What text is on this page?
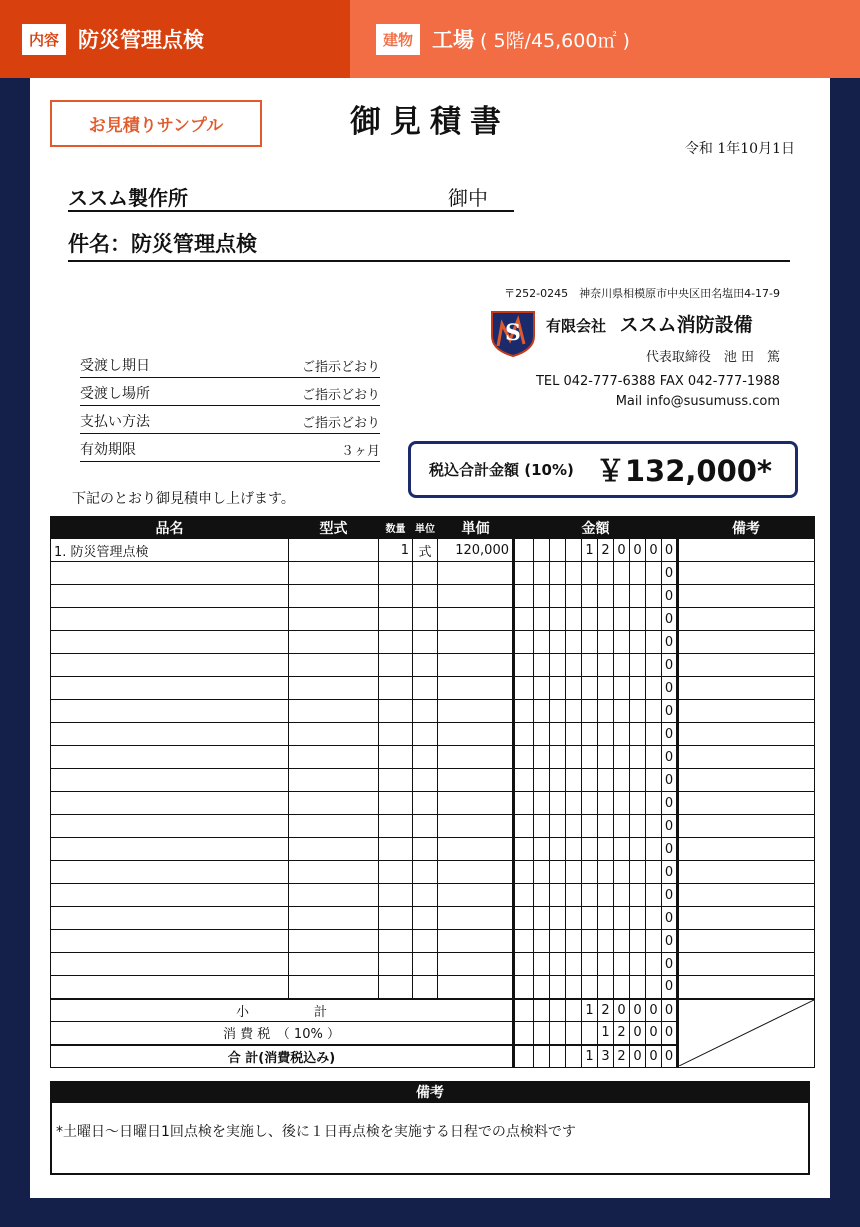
内容 防災管理点検	建物 工場 ( 5階/45,600㎡ )
お見積りサンプル	御見積書
令和 1年10月1日
ススム製作所	御中
件名：防災管理点検
〒252-0245　神奈川県相模原市中央区田名塩田4-17-9
S 有限会社 ススム消防設備
代表取締役　池 田　篤
TEL 042-777-6388 FAX 042-777-1988
Mail info@susumuss.com
受渡し期日	ご指示どおり
受渡し場所	ご指示どおり
支払い方法	ご指示どおり
有効期限	３ヶ月
税込合計金額 (10%) ￥132,000*
下記のとおり御見積申し上げます。
品名	型式	数量	単位	単価	金額										備考
1. 防災管理点検		1	式	120,000					1	2	0	0	0	0	
														0	
														0	
														0	
														0	
														0	
														0	
														0	
														0	
														0	
														0	
														0	
														0	
														0	
														0	
														0	
														0	
														0	
														0	
														0	
小　　　　　計									1	2	0	0	0	0	

消 費 税　（ 10% ）										1	2	0	0	0	
合 計(消費税込み)									1	3	2	0	0	0	
備考
*土曜日～日曜日1回点検を実施し、後に１日再点検を実施する日程での点検料です
